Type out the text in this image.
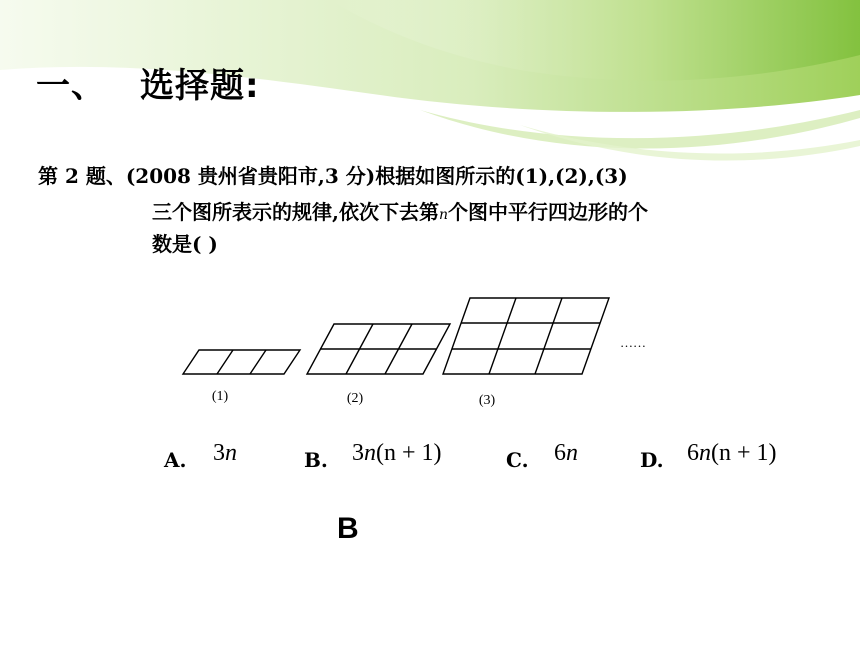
一、 选择题:
第 2 题、(2008 贵州省贵阳市,3 分)根据如图所示的(1),(2),(3)
三个图所表示的规律,依次下去第n个图中平行四边形的个
数是( )
(1)	(2)	(3)
……
A. 3n	B. 3n(n + 1)	C. 6n	D. 6n(n + 1)
B
